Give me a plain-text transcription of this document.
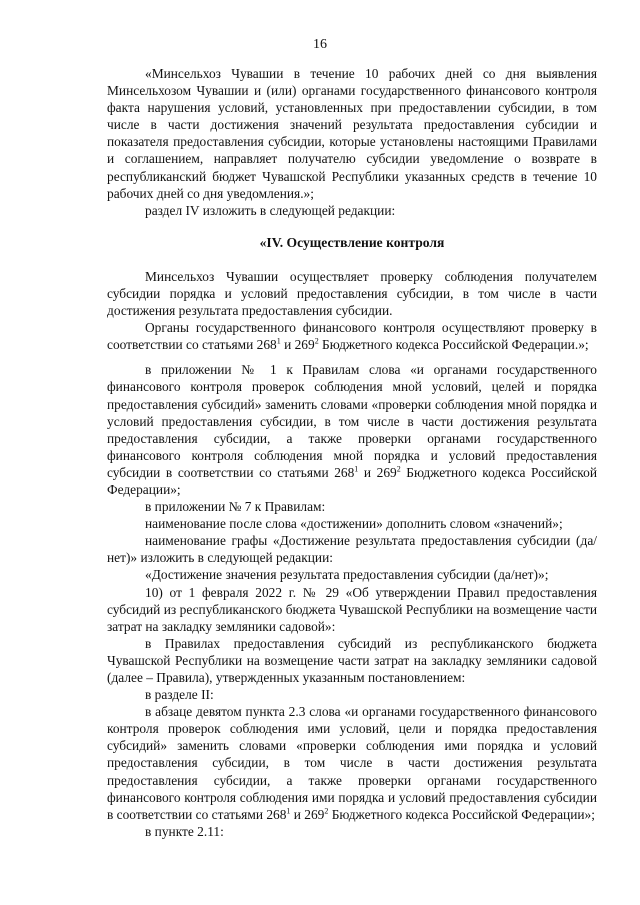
16

«Минсельхоз Чувашии в течение 10 рабочих дней со дня выявления Минсельхозом Чувашии и (или) органами государственного финансового контроля факта нарушения условий, установленных при предоставлении субсидии, в том числе в части достижения значений результата предоставления субсидии и показателя предоставления субсидии, которые установлены настоящими Правилами и соглашением, направляет получателю субсидии уведомление о возврате в республиканский бюджет Чувашской Республики указанных средств в течение 10 рабочих дней со дня уведомления.»;

раздел IV изложить в следующей редакции:

«IV. Осуществление контроля

Минсельхоз Чувашии осуществляет проверку соблюдения получателем субсидии порядка и условий предоставления субсидии, в том числе в части достижения результата предоставления субсидии.

Органы государственного финансового контроля осуществляют проверку в соответствии со статьями $268^1$ и $269^2$ Бюджетного кодекса Российской Федерации.»;

в приложении № 1 к Правилам слова «и органами государственного финансового контроля проверок соблюдения мной условий, целей и порядка предоставления субсидий» заменить словами «проверки соблюдения мной порядка и условий предоставления субсидии, в том числе в части достижения результата предоставления субсидии, а также проверки органами государственного финансового контроля соблюдения мной порядка и условий предоставления субсидии в соответствии со статьями $268^1$ и $269^2$ Бюджетного кодекса Российской Федерации»;

в приложении № 7 к Правилам:

наименование после слова «достижении» дополнить словом «значений»;

наименование графы «Достижение результата предоставления субсидии (да/нет)» изложить в следующей редакции:

«Достижение значения результата предоставления субсидии (да/нет)»;

10) от 1 февраля 2022 г. № 29 «Об утверждении Правил предоставления субсидий из республиканского бюджета Чувашской Республики на возмещение части затрат на закладку земляники садовой»:

в Правилах предоставления субсидий из республиканского бюджета Чувашской Республики на возмещение части затрат на закладку земляники садовой (далее – Правила), утвержденных указанным постановлением:

в разделе II:

в абзаце девятом пункта 2.3 слова «и органами государственного финансового контроля проверок соблюдения ими условий, цели и порядка предоставления субсидий» заменить словами «проверки соблюдения ими порядка и условий предоставления субсидии, в том числе в части достижения результата предоставления субсидии, а также проверки органами государственного финансового контроля соблюдения ими порядка и условий предоставления субсидии в соответствии со статьями $268^1$ и $269^2$ Бюджетного кодекса Российской Федерации»;

в пункте 2.11:
